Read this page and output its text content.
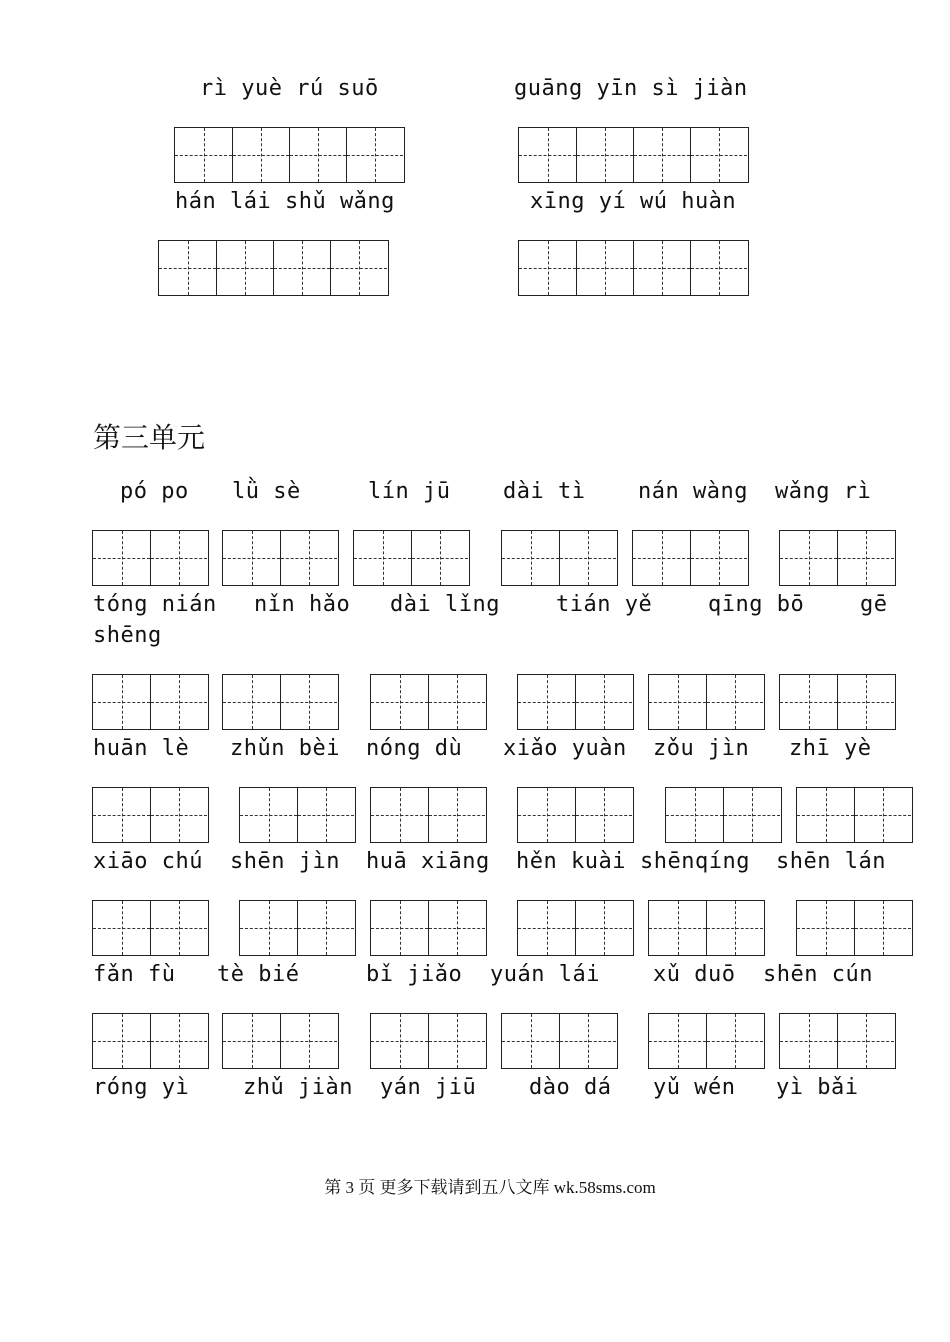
rì yuè rú suō	guāng yīn sì jiàn
hán lái shǔ wǎng	xīng yí wú huàn
第三单元
pó po lǜ sè	lín jū dài tì nán wàng wǎng rì
tóng nián nǐn hǎo dài lǐng	tián yě	qīng bō	gē
shēng
huān lè zhǔn bèi nóng dù xiǎo yuàn zǒu jìn zhī yè
xiāo chú shēn jìn huā xiāng hěn kuài shēnqíng shēn lán
fǎn fù tè bié	bǐ jiǎo yuán lái xǔ duō shēn cún
róng yì zhǔ jiàn yán jiū dào dá yǔ wén yì bǎi
第 3 页 更多下载请到五八文库 wk.58sms.com
